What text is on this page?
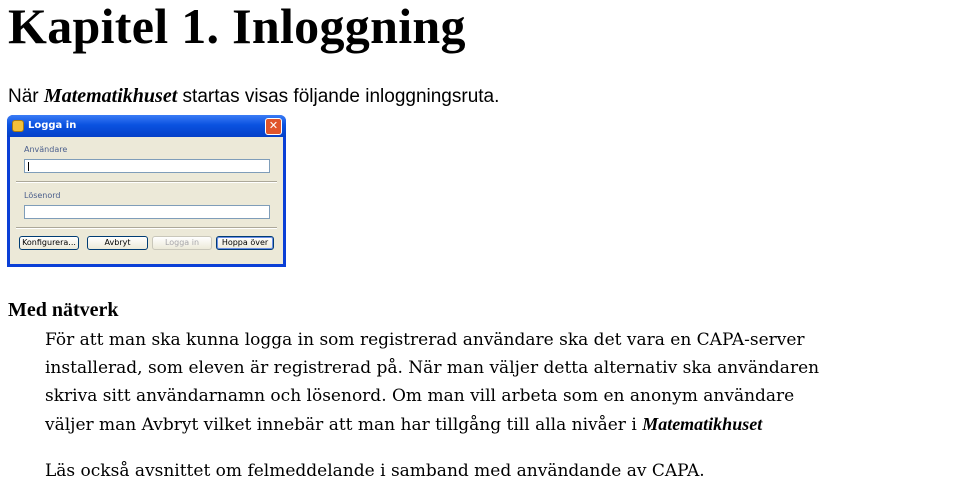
Kapitel 1. Inloggning

När Matematikhuset startas visas följande inloggningsruta.

Logga in	✕
Användare
Lösenord
Konfigurera...	Avbryt	Logga in	Hoppa över
Med nätverk

För att man ska kunna logga in som registrerad användare ska det vara en CAPA-server
installerad, som eleven är registrerad på. När man väljer detta alternativ ska användaren
skriva sitt användarnamn och lösenord. Om man vill arbeta som en anonym användare
väljer man Avbryt vilket innebär att man har tillgång till alla nivåer i Matematikhuset

Läs också avsnittet om felmeddelande i samband med användande av CAPA.
